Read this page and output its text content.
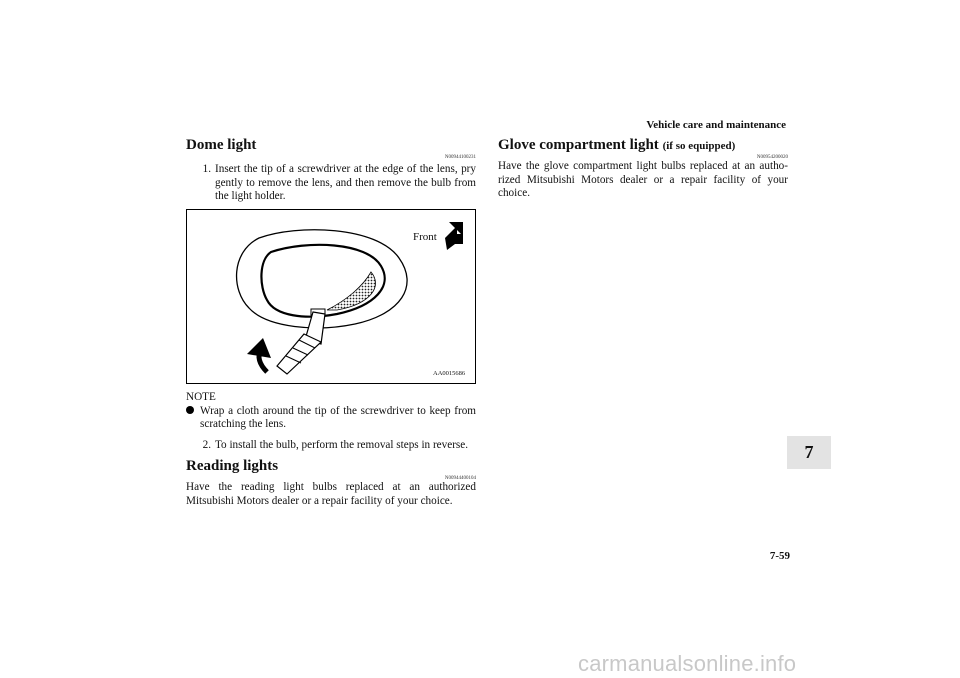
Vehicle care and maintenance
Dome light
N00944100231
1. Insert the tip of a screwdriver at the edge of the lens, pry gently to remove the lens, and then remove the bulb from the light holder.
Front
AA0015686
NOTE
Wrap a cloth around the tip of the screwdriver to keep from scratching the lens.
2. To install the bulb, perform the removal steps in reverse.
Reading lights
N00944400104
Have the reading light bulbs replaced at an authorized Mitsubishi Motors dealer or a repair facility of your choice.
Glove compartment light (if so equipped)
N00954200020
Have the glove compartment light bulbs replaced at an autho- rized Mitsubishi Motors dealer or a repair facility of your choice.
7
7-59
carmanualsonline.info
